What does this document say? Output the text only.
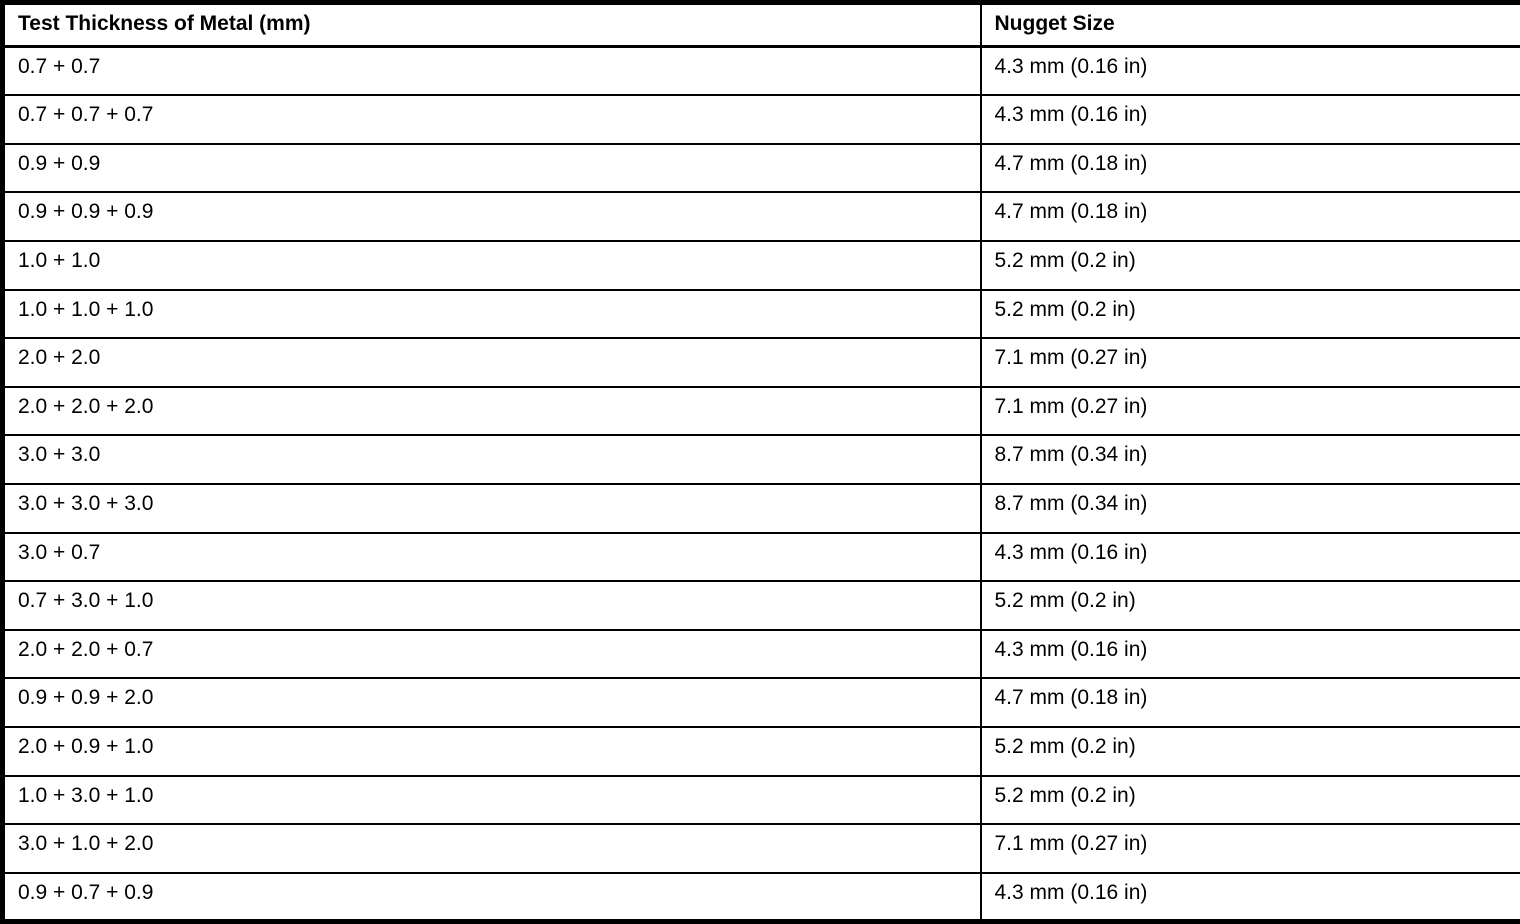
Test Thickness of Metal (mm)	Nugget Size
0.7 + 0.7	4.3 mm (0.16 in)
0.7 + 0.7 + 0.7	4.3 mm (0.16 in)
0.9 + 0.9	4.7 mm (0.18 in)
0.9 + 0.9 + 0.9	4.7 mm (0.18 in)
1.0 + 1.0	5.2 mm (0.2 in)
1.0 + 1.0 + 1.0	5.2 mm (0.2 in)
2.0 + 2.0	7.1 mm (0.27 in)
2.0 + 2.0 + 2.0	7.1 mm (0.27 in)
3.0 + 3.0	8.7 mm (0.34 in)
3.0 + 3.0 + 3.0	8.7 mm (0.34 in)
3.0 + 0.7	4.3 mm (0.16 in)
0.7 + 3.0 + 1.0	5.2 mm (0.2 in)
2.0 + 2.0 + 0.7	4.3 mm (0.16 in)
0.9 + 0.9 + 2.0	4.7 mm (0.18 in)
2.0 + 0.9 + 1.0	5.2 mm (0.2 in)
1.0 + 3.0 + 1.0	5.2 mm (0.2 in)
3.0 + 1.0 + 2.0	7.1 mm (0.27 in)
0.9 + 0.7 + 0.9	4.3 mm (0.16 in)
